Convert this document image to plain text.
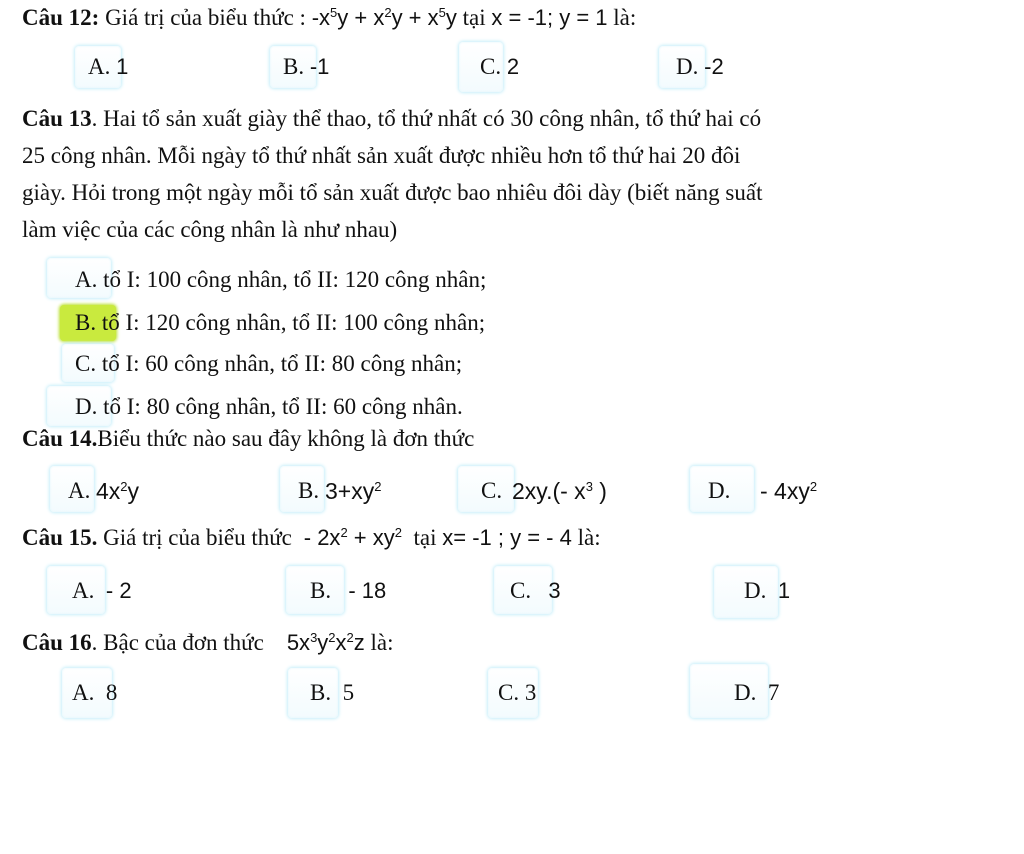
Câu 12: Giá trị của biểu thức : $-x^5y + x^2y + x^5y$ tại x = -1; y = 1 là:
A. 1	B. -1	C. 2	D. -2
Câu 13. Hai tổ sản xuất giày thể thao, tổ thứ nhất có 30 công nhân, tổ thứ hai có
25 công nhân. Mỗi ngày tổ thứ nhất sản xuất được nhiều hơn tổ thứ hai 20 đôi
giày. Hỏi trong một ngày mỗi tổ sản xuất được bao nhiêu đôi dày (biết năng suất
làm việc của các công nhân là như nhau)
A. tổ I: 100 công nhân, tổ II: 120 công nhân;
B. tổ I: 120 công nhân, tổ II: 100 công nhân;
C. tổ I: 60 công nhân, tổ II: 80 công nhân;
D. tổ I: 80 công nhân, tổ II: 60 công nhân.
Câu 14.Biểu thức nào sau đây không là đơn thức
A. $4x^2y$	B. $3+xy^2$	C. 2xy.(- $x^3$ )	D. - $4xy^2$
Câu 15. Giá trị của biểu thức  - $2x^2 + xy^2$ tại x= -1 ; y = - 4 là:
A. - 2	B. - 18	C. 3	D. 1
Câu 16. Bậc của đơn thức $5x^3y^2x^2z$ là:
A. 8	B. 5	C. 3	D. 7
